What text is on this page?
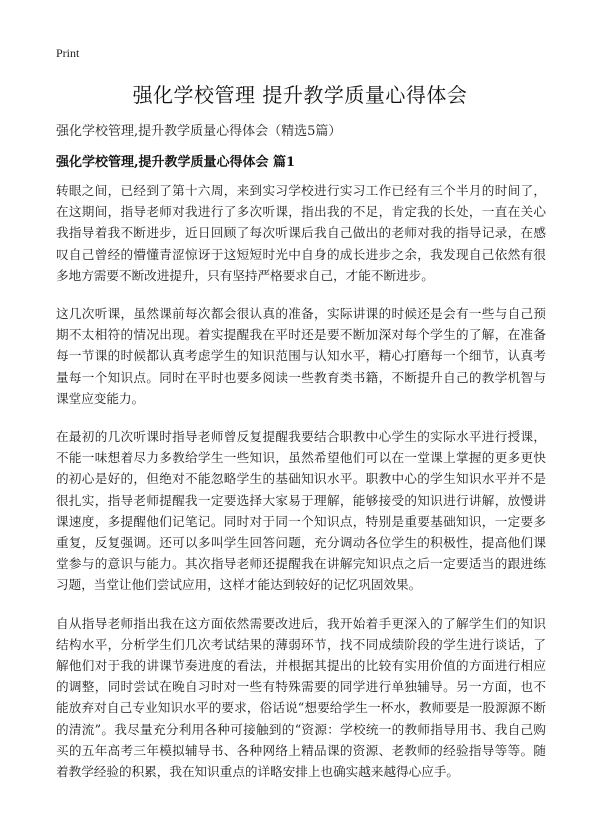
Print
强化学校管理 提升教学质量心得体会

强化学校管理,提升教学质量心得体会（精选5篇）

强化学校管理,提升教学质量心得体会 篇1

转眼之间，已经到了第十六周，来到实习学校进行实习工作已经有三个半月的时间了，在这期间，指导老师对我进行了多次听课，指出我的不足，肯定我的长处，一直在关心我指导着我不断进步，近日回顾了每次听课后我自己做出的老师对我的指导记录，在感叹自己曾经的懵懂青涩惊讶于这短短时光中自身的成长进步之余，我发现自己依然有很多地方需要不断改进提升，只有坚持严格要求自己，才能不断进步。

这几次听课，虽然课前每次都会很认真的准备，实际讲课的时候还是会有一些与自己预期不太相符的情况出现。着实提醒我在平时还是要不断加深对每个学生的了解，在准备每一节课的时候都认真考虑学生的知识范围与认知水平，精心打磨每一个细节，认真考量每一个知识点。同时在平时也要多阅读一些教育类书籍，不断提升自己的教学机智与课堂应变能力。

在最初的几次听课时指导老师曾反复提醒我要结合职教中心学生的实际水平进行授课，不能一味想着尽力多教给学生一些知识，虽然希望他们可以在一堂课上掌握的更多更快的初心是好的，但绝对不能忽略学生的基础知识水平。职教中心的学生知识水平并不是很扎实，指导老师提醒我一定要选择大家易于理解，能够接受的知识进行讲解，放慢讲课速度，多提醒他们记笔记。同时对于同一个知识点，特别是重要基础知识，一定要多重复，反复强调。还可以多叫学生回答问题，充分调动各位学生的积极性，提高他们课堂参与的意识与能力。其次指导老师还提醒我在讲解完知识点之后一定要适当的跟进练习题，当堂让他们尝试应用，这样才能达到较好的记忆巩固效果。

自从指导老师指出我在这方面依然需要改进后，我开始着手更深入的了解学生们的知识结构水平，分析学生们几次考试结果的薄弱环节，找不同成绩阶段的学生进行谈话，了解他们对于我的讲课节奏进度的看法，并根据其提出的比较有实用价值的方面进行相应的调整，同时尝试在晚自习时对一些有特殊需要的同学进行单独辅导。另一方面，也不能放弃对自己专业知识水平的要求，俗话说“想要给学生一杯水，教师要是一股源源不断的清流”。我尽量充分利用各种可接触到的“资源：学校统一的教师指导用书、我自己购买的五年高考三年模拟辅导书、各种网络上精品课的资源、老教师的经验指导等等。随着教学经验的积累，我在知识重点的详略安排上也确实越来越得心应手。
